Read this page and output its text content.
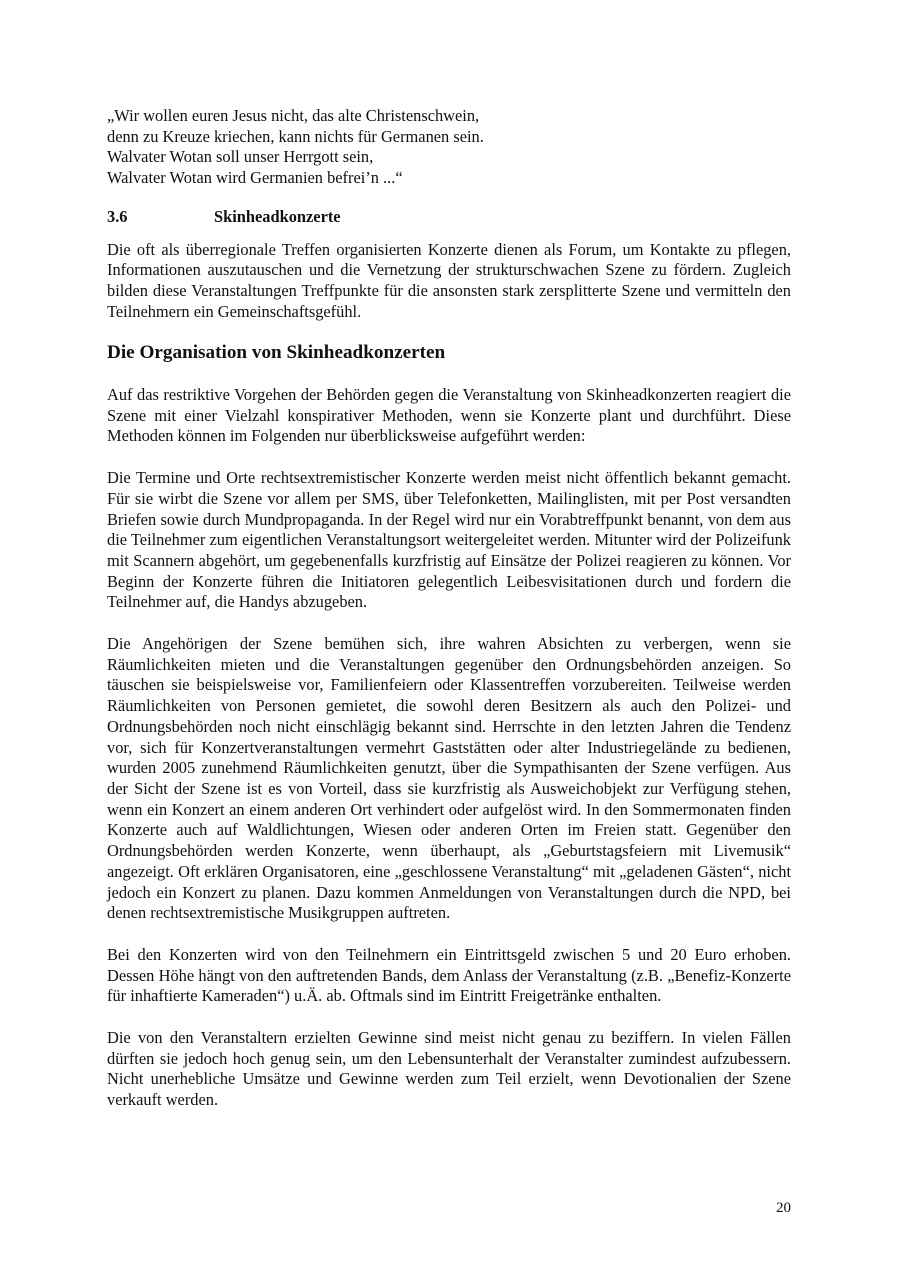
„Wir wollen euren Jesus nicht, das alte Christenschwein,
denn zu Kreuze kriechen, kann nichts für Germanen sein.
Walvater Wotan soll unser Herrgott sein,
Walvater Wotan wird Germanien befrei’n ...“
3.6	Skinheadkonzerte

Die oft als überregionale Treffen organisierten Konzerte dienen als Forum, um Kontakte zu pflegen, Informationen auszutauschen und die Vernetzung der strukturschwachen Szene zu fördern. Zugleich bilden diese Veranstaltungen Treffpunkte für die ansonsten stark zersplitterte Szene und vermitteln den Teilnehmern ein Gemeinschaftsgefühl.

Die Organisation von Skinheadkonzerten

Auf das restriktive Vorgehen der Behörden gegen die Veranstaltung von Skinheadkonzerten reagiert die Szene mit einer Vielzahl konspirativer Methoden, wenn sie Konzerte plant und durchführt. Diese Methoden können im Folgenden nur überblicksweise aufgeführt werden:

Die Termine und Orte rechtsextremistischer Konzerte werden meist nicht öffentlich bekannt gemacht. Für sie wirbt die Szene vor allem per SMS, über Telefonketten, Mailinglisten, mit per Post versandten Briefen sowie durch Mundpropaganda. In der Regel wird nur ein Vorabtreffpunkt benannt, von dem aus die Teilnehmer zum eigentlichen Veranstaltungsort weitergeleitet werden. Mitunter wird der Polizeifunk mit Scannern abgehört, um gegebenenfalls kurzfristig auf Einsätze der Polizei reagieren zu können. Vor Beginn der Konzerte führen die Initiatoren gelegentlich Leibesvisitationen durch und fordern die Teilnehmer auf, die Handys abzugeben.

Die Angehörigen der Szene bemühen sich, ihre wahren Absichten zu verbergen, wenn sie Räumlichkeiten mieten und die Veranstaltungen gegenüber den Ordnungsbehörden anzeigen. So täuschen sie beispielsweise vor, Familienfeiern oder Klassentreffen vorzubereiten. Teilweise werden Räumlichkeiten von Personen gemietet, die sowohl deren Besitzern als auch den Polizei- und Ordnungsbehörden noch nicht einschlägig bekannt sind. Herrschte in den letzten Jahren die Tendenz vor, sich für Konzertveranstaltungen vermehrt Gaststätten oder alter Industriegelände zu bedienen, wurden 2005 zunehmend Räumlichkeiten genutzt, über die Sympathisanten der Szene verfügen. Aus der Sicht der Szene ist es von Vorteil, dass sie kurzfristig als Ausweichobjekt zur Verfügung stehen, wenn ein Konzert an einem anderen Ort verhindert oder aufgelöst wird. In den Sommermonaten finden Konzerte auch auf Waldlichtungen, Wiesen oder anderen Orten im Freien statt. Gegenüber den Ordnungsbehörden werden Konzerte, wenn überhaupt, als „Geburtstagsfeiern mit Livemusik“ angezeigt. Oft erklären Organisatoren, eine „geschlossene Veranstaltung“ mit „geladenen Gästen“, nicht jedoch ein Konzert zu planen. Dazu kommen Anmeldungen von Veranstaltungen durch die NPD, bei denen rechtsextremistische Musikgruppen auftreten.

Bei den Konzerten wird von den Teilnehmern ein Eintrittsgeld zwischen 5 und 20 Euro erhoben. Dessen Höhe hängt von den auftretenden Bands, dem Anlass der Veranstaltung (z.B. „Benefiz-Konzerte für inhaftierte Kameraden“) u.Ä. ab. Oftmals sind im Eintritt Freigetränke enthalten.

Die von den Veranstaltern erzielten Gewinne sind meist nicht genau zu beziffern. In vielen Fällen dürften sie jedoch hoch genug sein, um den Lebensunterhalt der Veranstalter zumindest aufzubessern. Nicht unerhebliche Umsätze und Gewinne werden zum Teil erzielt, wenn Devotionalien der Szene verkauft werden.

20
